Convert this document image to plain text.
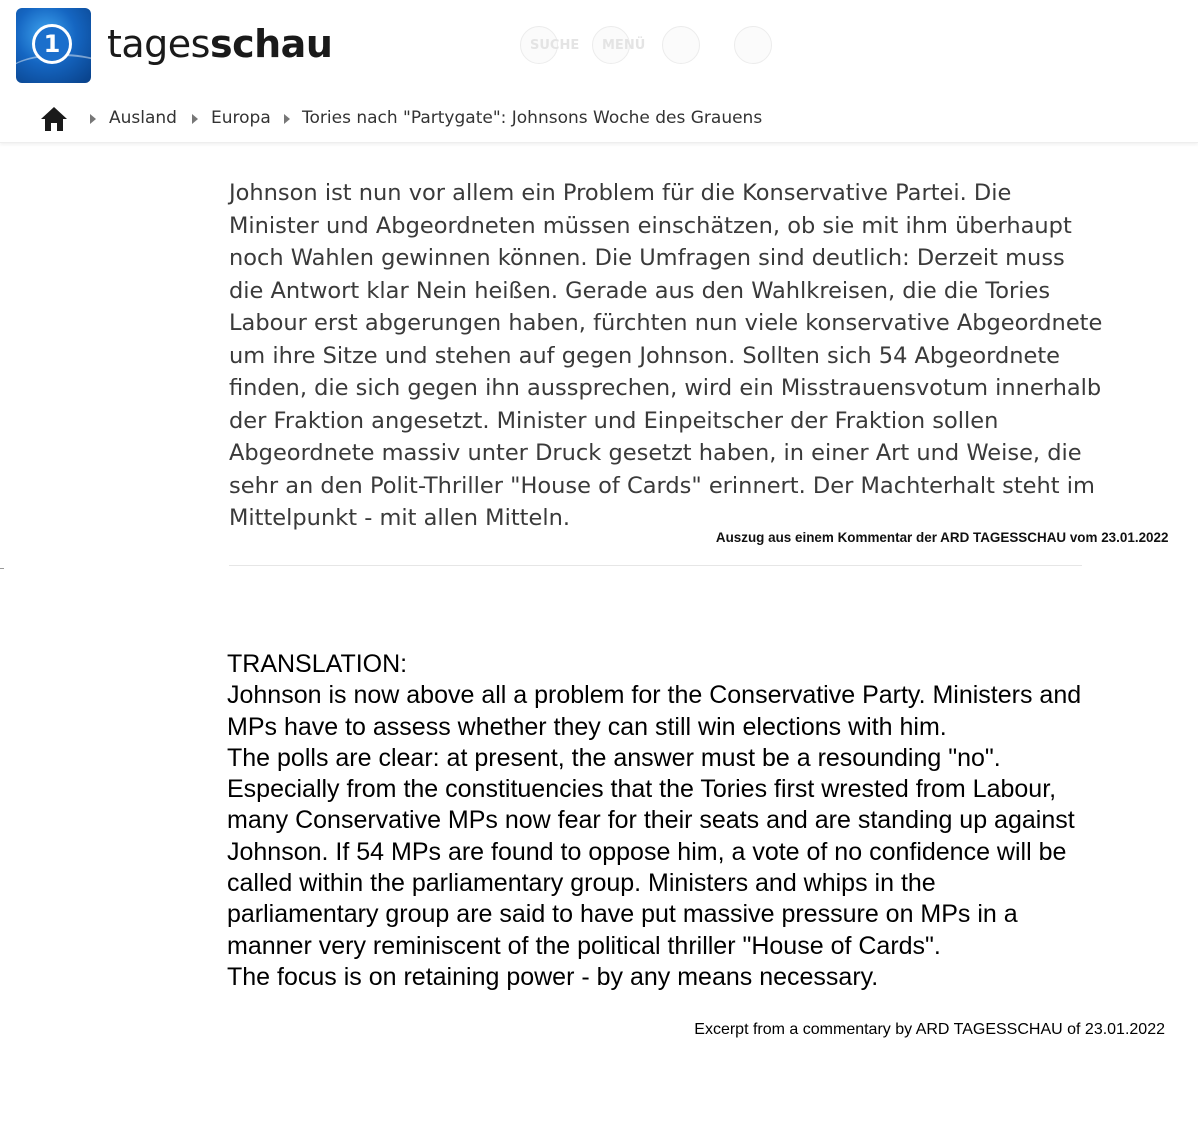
1	tagesschau	SUCHE MENÜ
Ausland Europa Tories nach "Partygate": Johnsons Woche des Grauens
Johnson ist nun vor allem ein Problem für die Konservative Partei. Die
Minister und Abgeordneten müssen einschätzen, ob sie mit ihm überhaupt
noch Wahlen gewinnen können. Die Umfragen sind deutlich: Derzeit muss
die Antwort klar Nein heißen. Gerade aus den Wahlkreisen, die die Tories
Labour erst abgerungen haben, fürchten nun viele konservative Abgeordnete
um ihre Sitze und stehen auf gegen Johnson. Sollten sich 54 Abgeordnete
finden, die sich gegen ihn aussprechen, wird ein Misstrauensvotum innerhalb
der Fraktion angesetzt. Minister und Einpeitscher der Fraktion sollen
Abgeordnete massiv unter Druck gesetzt haben, in einer Art und Weise, die
sehr an den Polit-Thriller "House of Cards" erinnert. Der Machterhalt steht im
Mittelpunkt - mit allen Mitteln.
Auszug aus einem Kommentar der ARD TAGESSCHAU vom 23.01.2022
TRANSLATION:
Johnson is now above all a problem for the Conservative Party. Ministers and
MPs have to assess whether they can still win elections with him.
The polls are clear: at present, the answer must be a resounding "no".
Especially from the constituencies that the Tories first wrested from Labour,
many Conservative MPs now fear for their seats and are standing up against
Johnson. If 54 MPs are found to oppose him, a vote of no confidence will be
called within the parliamentary group. Ministers and whips in the
parliamentary group are said to have put massive pressure on MPs in a
manner very reminiscent of the political thriller "House of Cards".
The focus is on retaining power - by any means necessary.
Excerpt from a commentary by ARD TAGESSCHAU of 23.01.2022
